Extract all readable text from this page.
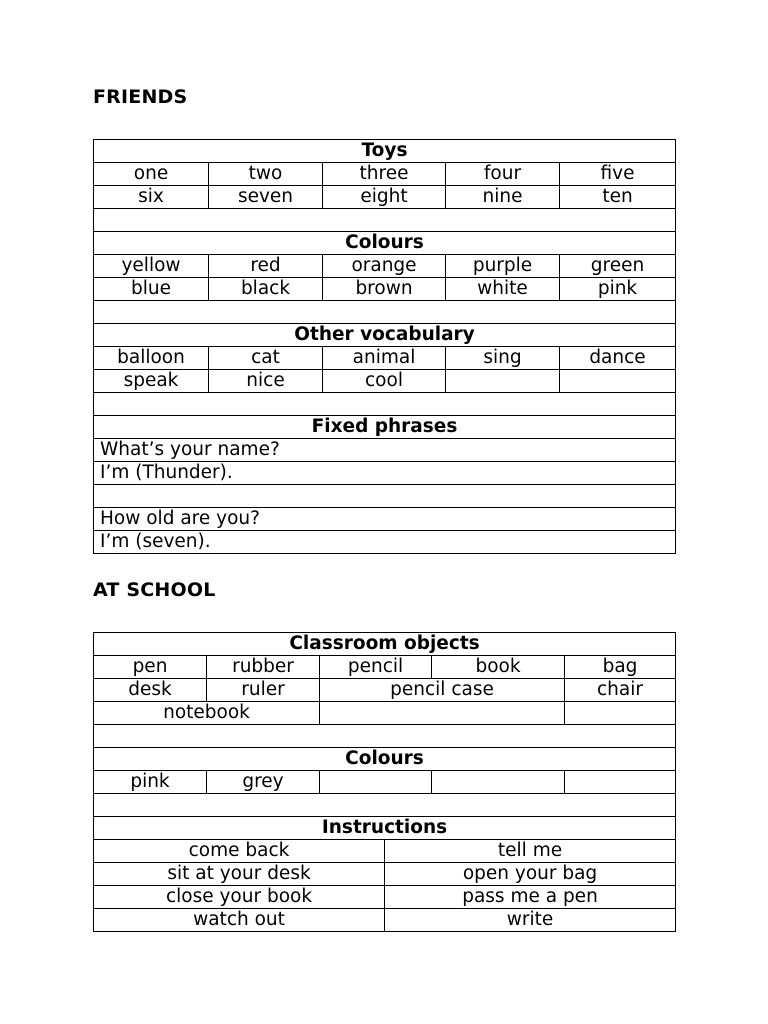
FRIENDS
Toys				
one	two	three	four	five
six	seven	eight	nine	ten

Colours				
yellow	red	orange	purple	green
blue	black	brown	white	pink

Other vocabulary				
balloon	cat	animal	sing	dance
speak	nice	cool		

Fixed phrases				
What’s your name?				
I’m (Thunder).				

How old are you?				
I’m (seven).				
AT SCHOOL
Classroom objects					
pen	rubber	pencil		book	bag
desk	ruler	pencil case			chair
notebook					

Colours					
pink	grey				

Instructions					
come back			tell me		
sit at your desk			open your bag		
close your book			pass me a pen		
watch out			write		
